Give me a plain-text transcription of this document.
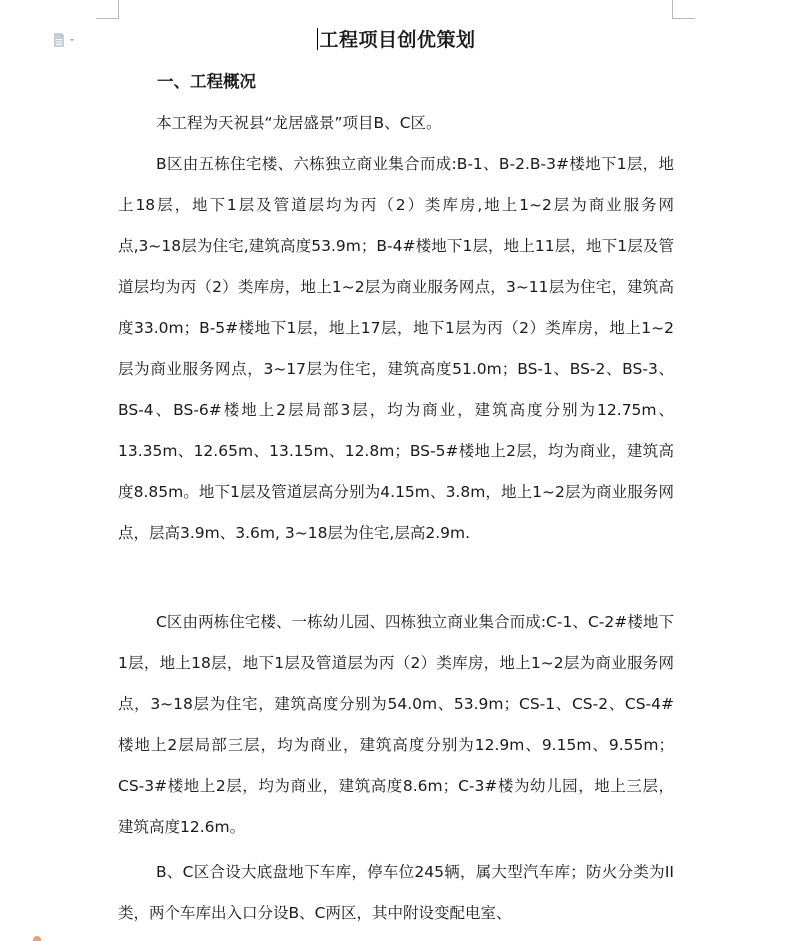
工程项目创优策划
一、工程概况

本工程为天祝县“龙居盛景”项目B、C区。

B区由五栋住宅楼、六栋独立商业集合而成:B-1、B-2.B-3#楼地下1层，地上18层，地下1层及管道层均为丙（2）类库房,地上1~2层为商业服务网点,3~18层为住宅,建筑高度53.9m；B-4#楼地下1层，地上11层，地下1层及管道层均为丙（2）类库房，地上1~2层为商业服务网点，3~11层为住宅，建筑高度33.0m；B-5#楼地下1层，地上17层，地下1层为丙（2）类库房，地上1~2层为商业服务网点，3~17层为住宅，建筑高度51.0m；BS-1、BS-2、BS-3、BS-4、BS-6#楼地上2层局部3层，均为商业，建筑高度分别为12.75m、13.35m、12.65m、13.15m、12.8m；BS-5#楼地上2层，均为商业，建筑高度8.85m。地下1层及管道层高分别为4.15m、3.8m，地上1~2层为商业服务网点，层高3.9m、3.6m, 3~18层为住宅,层高2.9m.

C区由两栋住宅楼、一栋幼儿园、四栋独立商业集合而成:C-1、C-2#楼地下1层，地上18层，地下1层及管道层为丙（2）类库房，地上1~2层为商业服务网点，3~18层为住宅，建筑高度分别为54.0m、53.9m；CS-1、CS-2、CS-4#楼地上2层局部三层，均为商业，建筑高度分别为12.9m、9.15m、9.55m；CS-3#楼地上2层，均为商业，建筑高度8.6m；C-3#楼为幼儿园，地上三层，建筑高度12.6m。

B、C区合设大底盘地下车库，停车位245辆，属大型汽车库；防火分类为II类，两个车库出入口分设B、C两区，其中附设变配电室、
